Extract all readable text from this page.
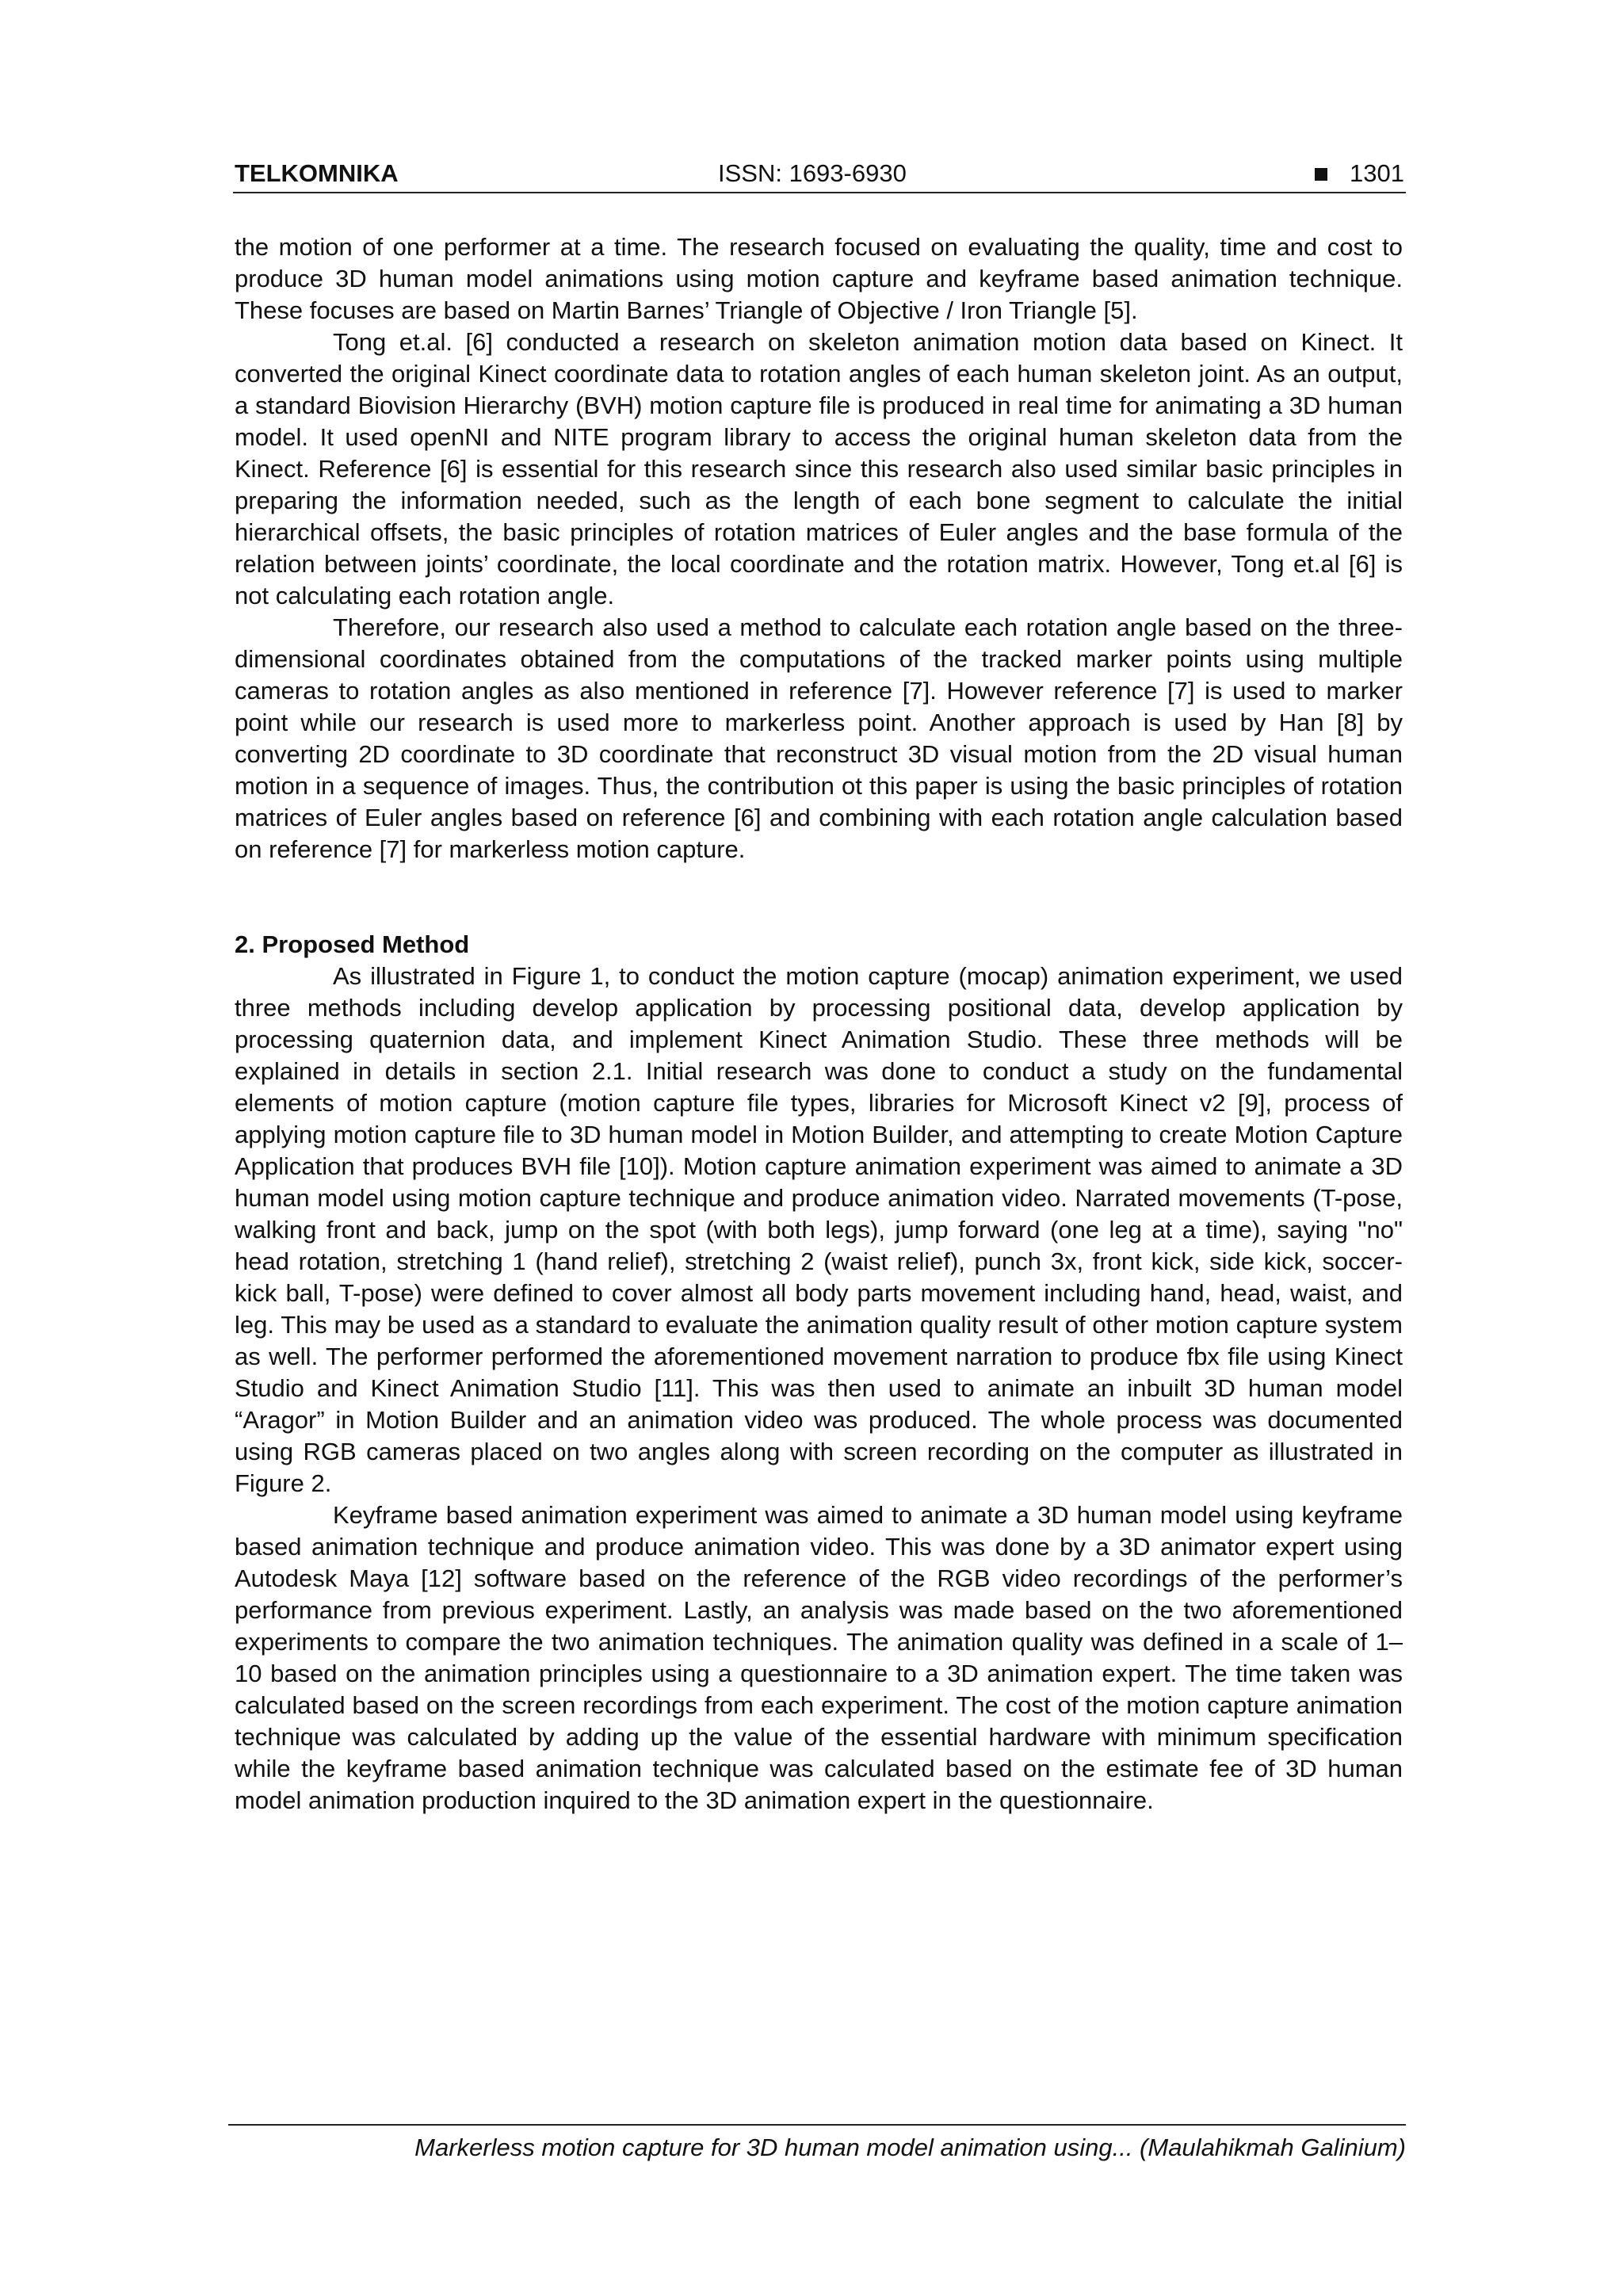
TELKOMNIKA	ISSN: 1693-6930	1301

the motion of one performer at a time. The research focused on evaluating the quality, time and cost to produce 3D human model animations using motion capture and keyframe based animation technique. These focuses are based on Martin Barnes’ Triangle of Objective / Iron Triangle [5].

Tong et.al. [6] conducted a research on skeleton animation motion data based on Kinect. It converted the original Kinect coordinate data to rotation angles of each human skeleton joint. As an output, a standard Biovision Hierarchy (BVH) motion capture file is produced in real time for animating a 3D human model. It used openNI and NITE program library to access the original human skeleton data from the Kinect. Reference [6] is essential for this research since this research also used similar basic principles in preparing the information needed, such as the length of each bone segment to calculate the initial hierarchical offsets, the basic principles of rotation matrices of Euler angles and the base formula of the relation between joints’ coordinate, the local coordinate and the rotation matrix. However, Tong et.al [6] is not calculating each rotation angle.

Therefore, our research also used a method to calculate each rotation angle based on the three-dimensional coordinates obtained from the computations of the tracked marker points using multiple cameras to rotation angles as also mentioned in reference [7]. However reference [7] is used to marker point while our research is used more to markerless point. Another approach is used by Han [8] by converting 2D coordinate to 3D coordinate that reconstruct 3D visual motion from the 2D visual human motion in a sequence of images. Thus, the contribution ot this paper is using the basic principles of rotation matrices of Euler angles based on reference [6] and combining with each rotation angle calculation based on reference [7] for markerless motion capture.

2. Proposed Method

As illustrated in Figure 1, to conduct the motion capture (mocap) animation experiment, we used three methods including develop application by processing positional data, develop application by processing quaternion data, and implement Kinect Animation Studio. These three methods will be explained in details in section 2.1. Initial research was done to conduct a study on the fundamental elements of motion capture (motion capture file types, libraries for Microsoft Kinect v2 [9], process of applying motion capture file to 3D human model in Motion Builder, and attempting to create Motion Capture Application that produces BVH file [10]). Motion capture animation experiment was aimed to animate a 3D human model using motion capture technique and produce animation video. Narrated movements (T-pose, walking front and back, jump on the spot (with both legs), jump forward (one leg at a time), saying "no" head rotation, stretching 1 (hand relief), stretching 2 (waist relief), punch 3x, front kick, side kick, soccer-kick ball, T-pose) were defined to cover almost all body parts movement including hand, head, waist, and leg. This may be used as a standard to evaluate the animation quality result of other motion capture system as well. The performer performed the aforementioned movement narration to produce fbx file using Kinect Studio and Kinect Animation Studio [11]. This was then used to animate an inbuilt 3D human model “Aragor” in Motion Builder and an animation video was produced. The whole process was documented using RGB cameras placed on two angles along with screen recording on the computer as illustrated in Figure 2.

Keyframe based animation experiment was aimed to animate a 3D human model using keyframe based animation technique and produce animation video. This was done by a 3D animator expert using Autodesk Maya [12] software based on the reference of the RGB video recordings of the performer’s performance from previous experiment. Lastly, an analysis was made based on the two aforementioned experiments to compare the two animation techniques. The animation quality was defined in a scale of 1–10 based on the animation principles using a questionnaire to a 3D animation expert. The time taken was calculated based on the screen recordings from each experiment. The cost of the motion capture animation technique was calculated by adding up the value of the essential hardware with minimum specification while the keyframe based animation technique was calculated based on the estimate fee of 3D human model animation production inquired to the 3D animation expert in the questionnaire.

Markerless motion capture for 3D human model animation using... (Maulahikmah Galinium)
